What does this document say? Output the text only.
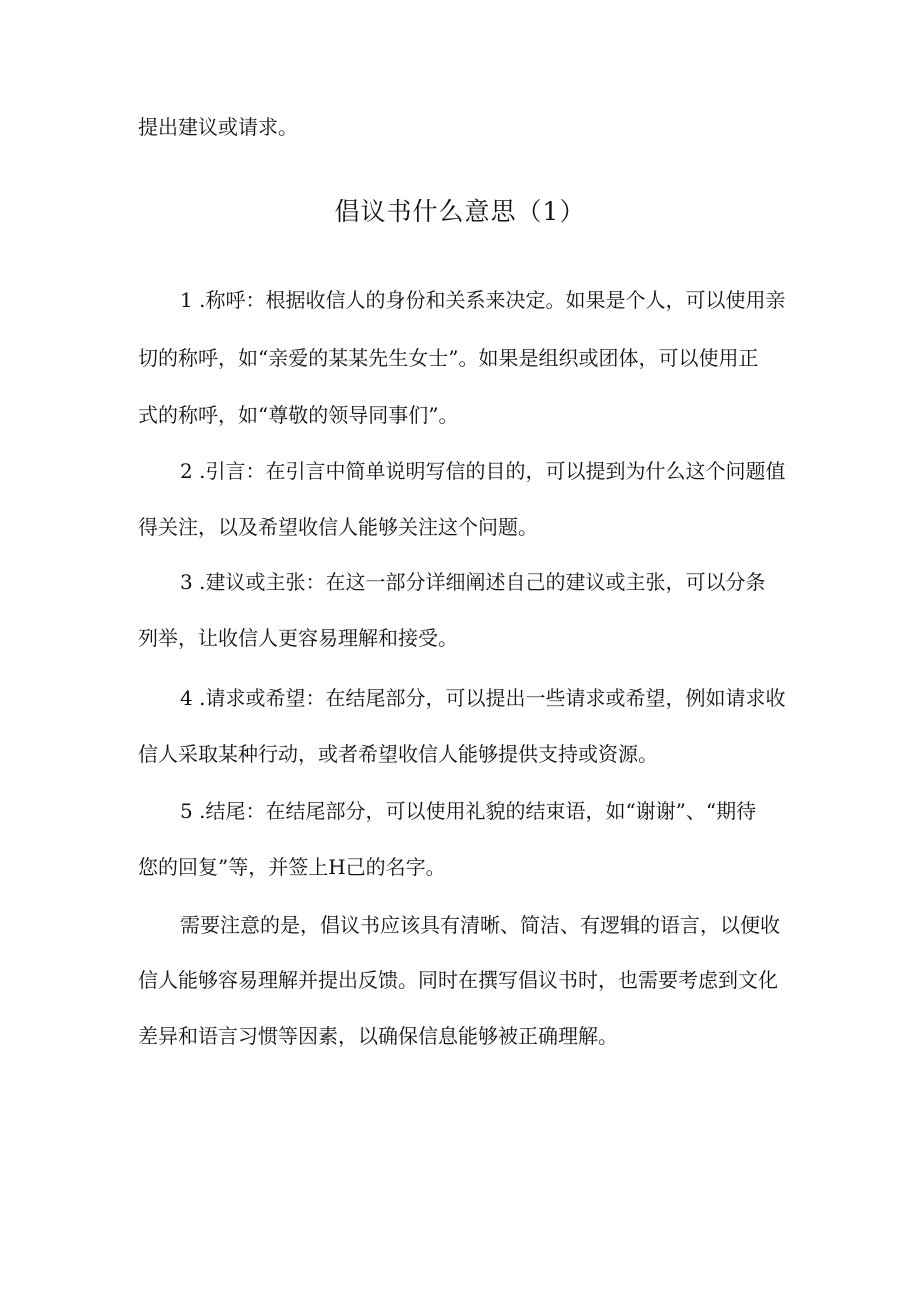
提出建议或请求。
倡议书什么意思（1）
1 .称呼：根据收信人的身份和关系来决定。如果是个人，可以使用亲
切的称呼，如“亲爱的某某先生女士”。如果是组织或团体，可以使用正
式的称呼，如“尊敬的领导同事们”。
2 .引言：在引言中简单说明写信的目的，可以提到为什么这个问题值
得关注，以及希望收信人能够关注这个问题。
3 .建议或主张：在这一部分详细阐述自己的建议或主张，可以分条
列举，让收信人更容易理解和接受。
4 .请求或希望：在结尾部分，可以提出一些请求或希望，例如请求收
信人采取某种行动，或者希望收信人能够提供支持或资源。
5 .结尾：在结尾部分，可以使用礼貌的结束语，如“谢谢”、“期待
您的回复”等，并签上H己的名字。
需要注意的是，倡议书应该具有清晰、简洁、有逻辑的语言，以便收
信人能够容易理解并提出反馈。同时在撰写倡议书时，也需要考虑到文化
差异和语言习惯等因素，以确保信息能够被正确理解。
